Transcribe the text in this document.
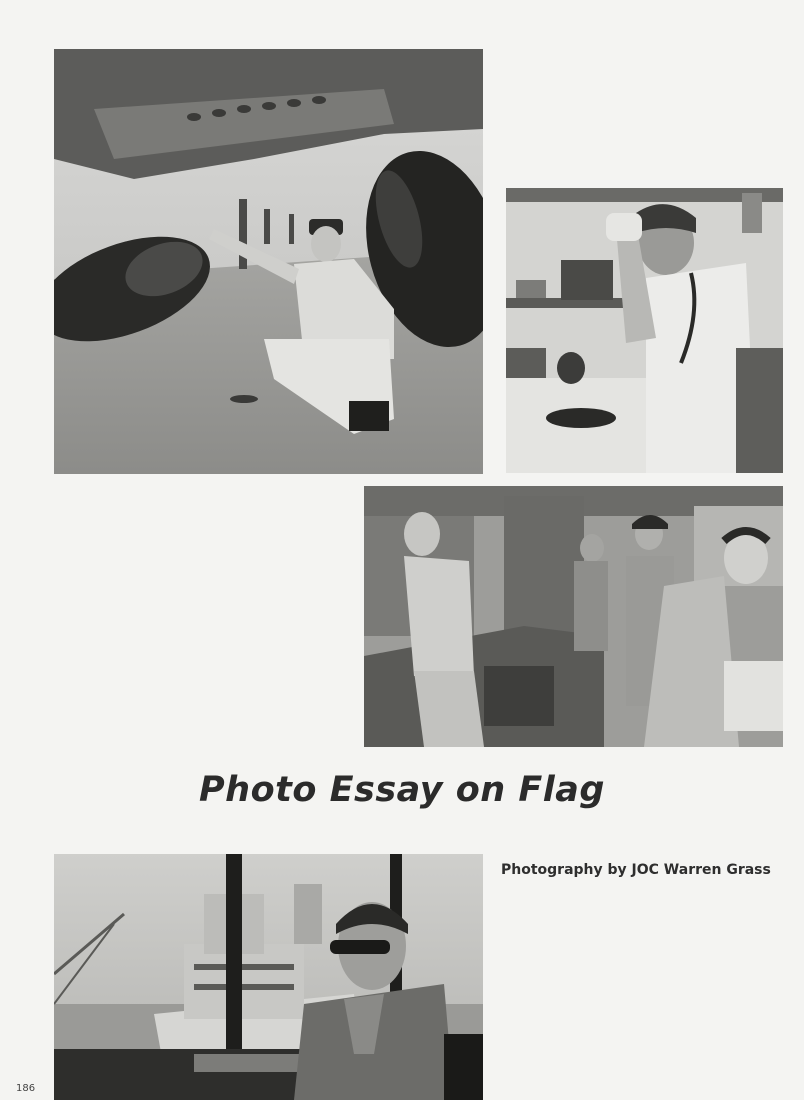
Photo Essay on Flag
Photography by JOC Warren Grass
186
